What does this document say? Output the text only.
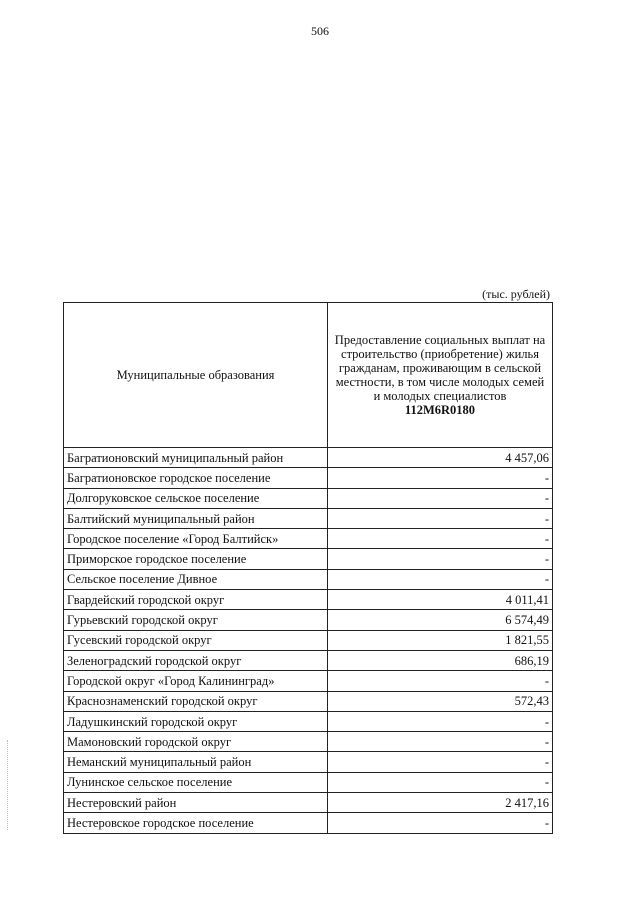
506
(тыс. рублей)
Муниципальные образования	Предоставление социальных выплат на строительство (приобретение) жилья гражданам, проживающим в сельской местности, в том числе молодых семей и молодых специалистов
112M6R0180

Багратионовский муниципальный район	4 457,06
Багратионовское городское поселение	-
Долгоруковское сельское поселение	-
Балтийский муниципальный район	-
Городское поселение «Город Балтийск»	-
Приморское городское поселение	-
Сельское поселение Дивное	-
Гвардейский городской округ	4 011,41
Гурьевский городской округ	6 574,49
Гусевский городской округ	1 821,55
Зеленоградский городской округ	686,19
Городской округ «Город Калининград»	-
Краснознаменский городской округ	572,43
Ладушкинский городской округ	-
Мамоновский городской округ	-
Неманский муниципальный район	-
Лунинское сельское поселение	-
Нестеровский район	2 417,16
Нестеровское городское поселение	-
